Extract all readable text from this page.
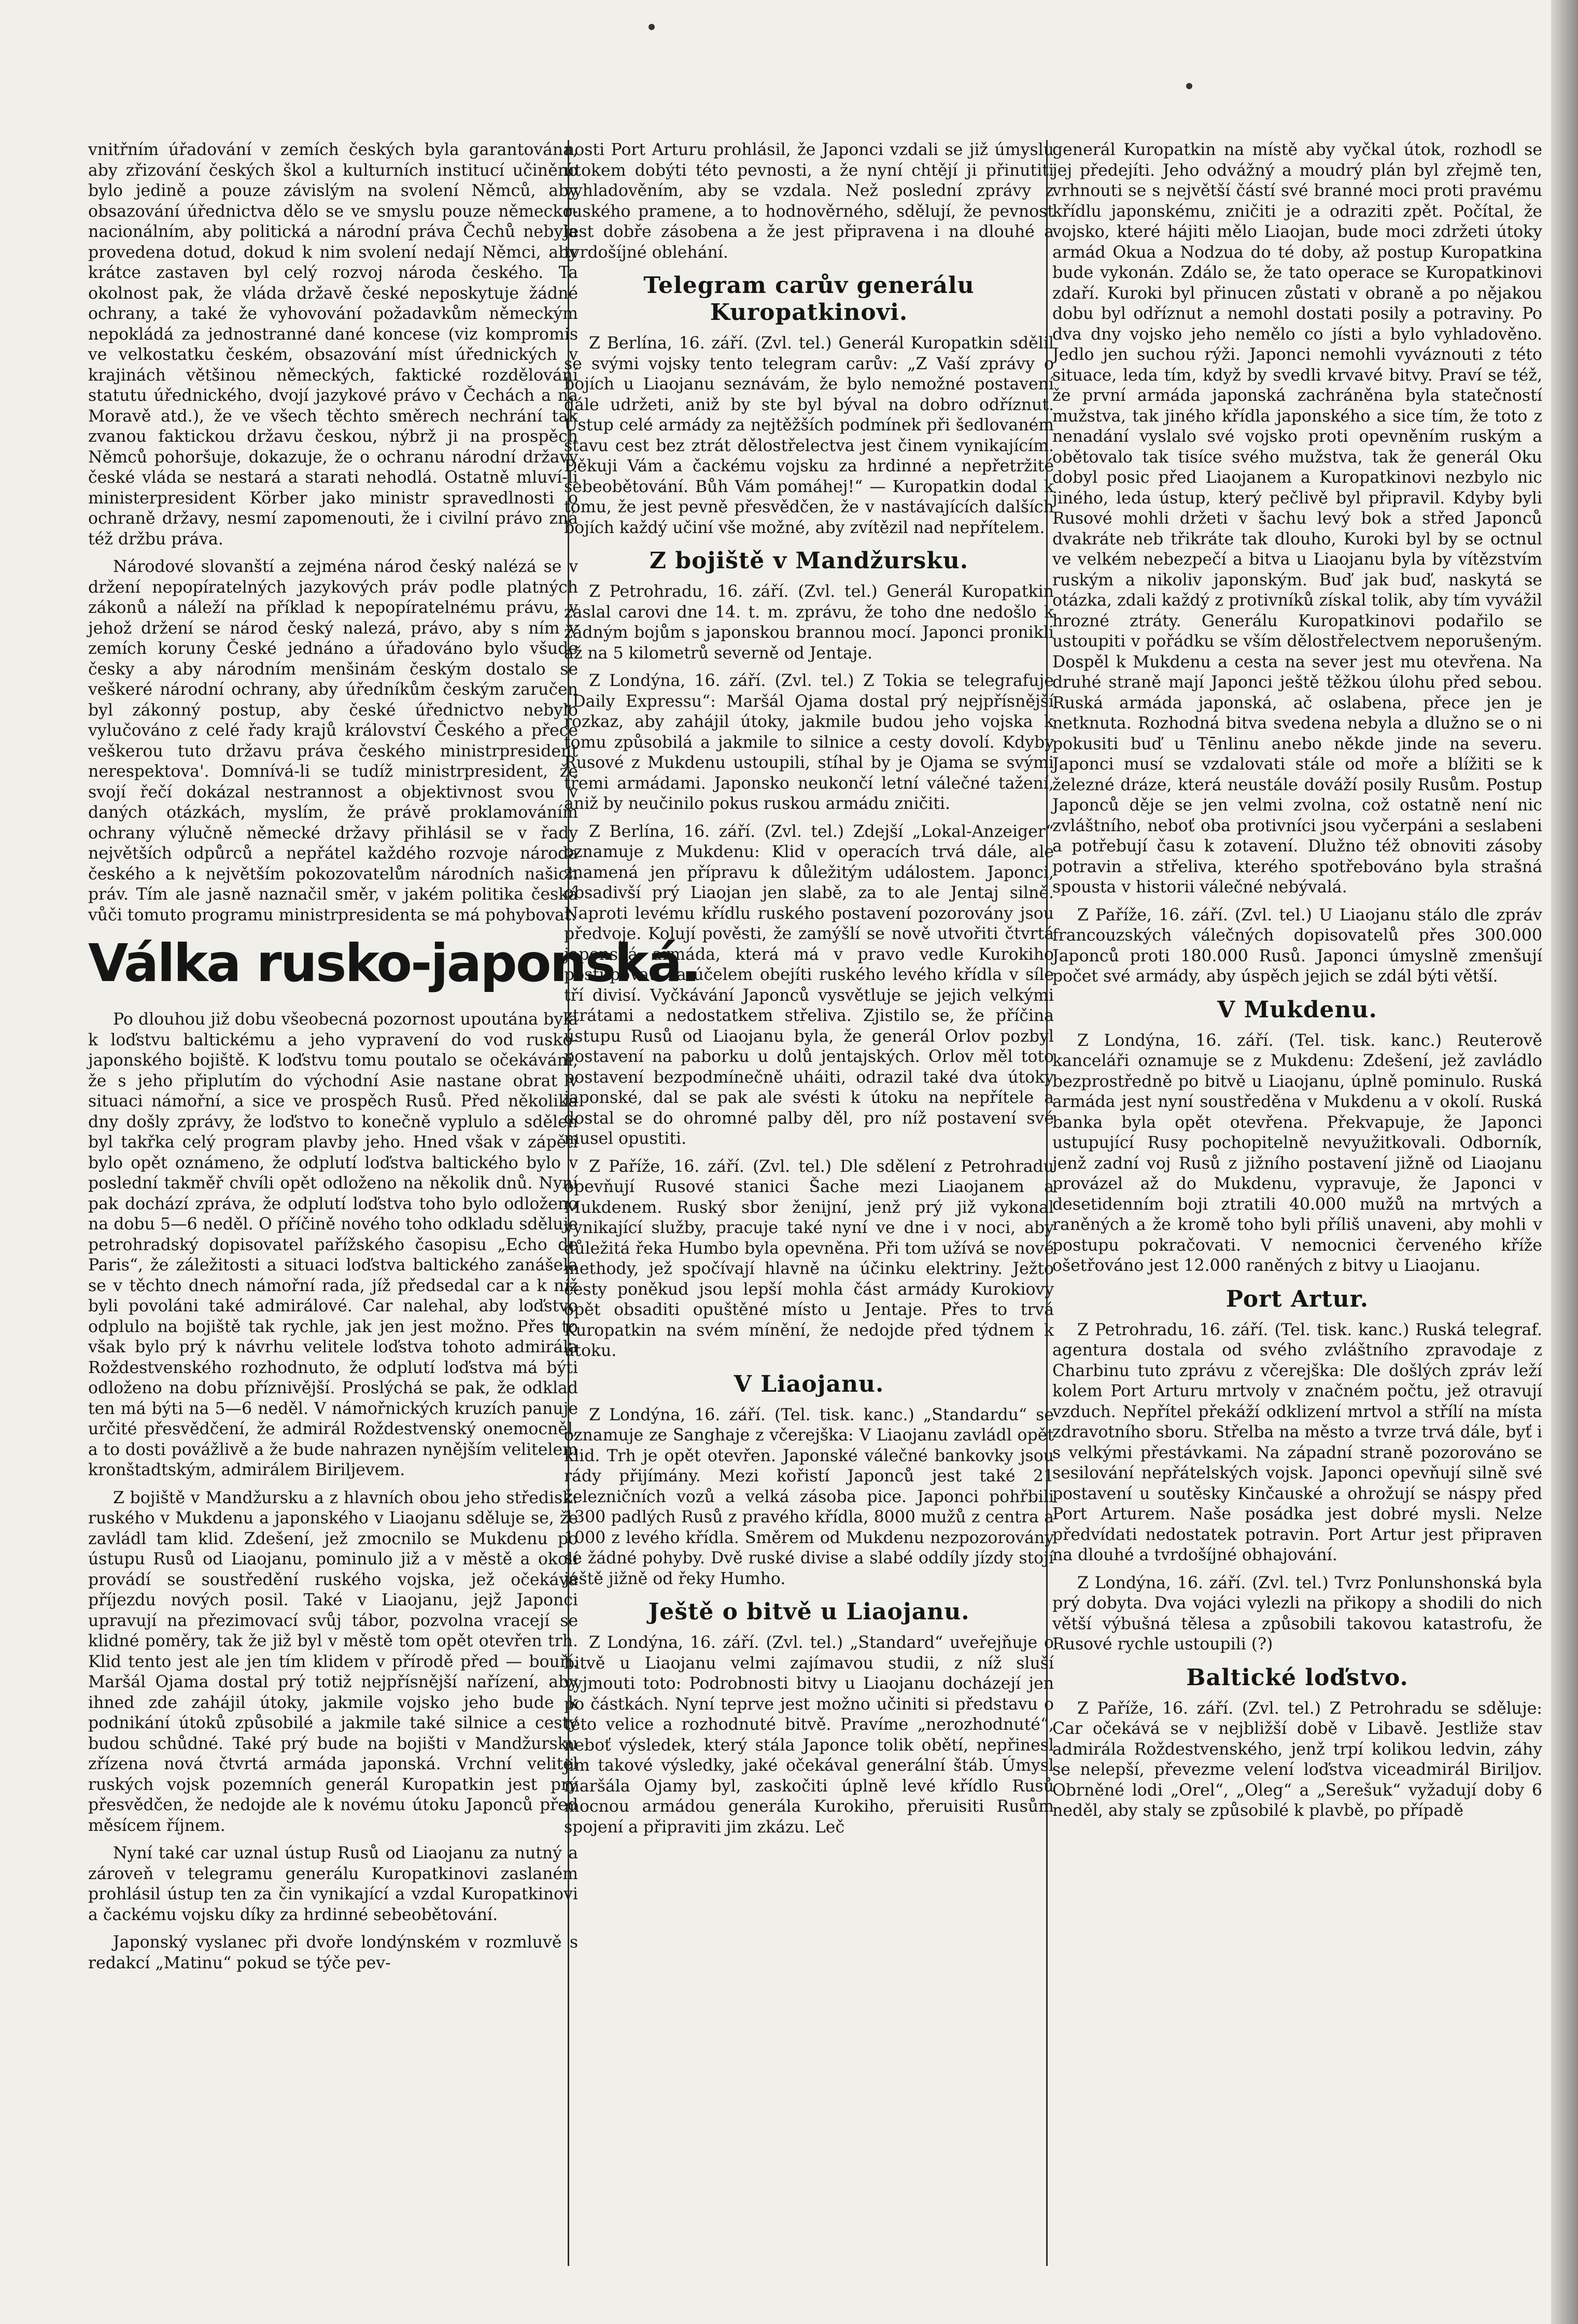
vnitřním úřadování v zemích českých byla garantována, aby zřizování českých škol a kulturních institucí učiněno bylo jedině a pouze závislým na svolení Němců, aby obsazování úřednictva dělo se ve smyslu pouze německo-nacionálním, aby politická a národní práva Čechů nebyla provedena dotud, dokud k nim svolení nedají Němci, aby krátce zastaven byl celý rozvoj národa českého. Ta okolnost pak, že vláda državě české neposkytuje žádné ochrany, a také že vyhovování požadavkům německým nepokládá za jednostranné dané koncese (viz kompromis ve velkostatku českém, obsazování míst úřednických v krajinách většinou německých, faktické rozdělování statutu úřednického, dvojí jazykové právo v Čechách a na Moravě atd.), že ve všech těchto směrech nechrání tak zvanou faktickou državu českou, nýbrž ji na prospěch Němců pohoršuje, dokazuje, že o ochranu národní državy české vláda se nestará a starati nehodlá. Ostatně mluví-li ministerpresident Körber jako ministr spravedlnosti o ochraně državy, nesmí zapomenouti, že i civilní právo zná též držbu práva.

Národové slovanští a zejména národ český nalézá se v držení nepopíratelných jazykových práv podle platných zákonů a náleží na příklad k nepopíratelnému právu, v jehož držení se národ český nalezá, právo, aby s ním v zemích koruny České jednáno a úřadováno bylo všude česky a aby národním menšinám českým dostalo se veškeré národní ochrany, aby úředníkům českým zaručen byl zákonný postup, aby české úřednictvo nebylo vylučováno z celé řady krajů království Českého a přece veškerou tuto državu práva českého ministrpresident nerespektova'. Domnívá-li se tudíž ministrpresident, že svojí řečí dokázal nestrannost a objektivnost svou v daných otázkách, myslím, že právě proklamováním ochrany výlučně německé državy přihlásil se v řady největších odpůrců a nepřátel každého rozvoje národa českého a k největším pokozovatelům národních našich práv. Tím ale jasně naznačil směr, v jakém politika česká vůči tomuto programu ministrpresidenta se má pohybovat.

Válka rusko-japonská.

Po dlouhou již dobu všeobecná pozornost upoutána byla k loďstvu baltickému a jeho vypravení do vod rusko-japonského bojiště. K loďstvu tomu poutalo se očekávání, že s jeho připlutím do východní Asie nastane obrat v situaci námořní, a sice ve prospěch Rusů. Před několika dny došly zprávy, že loďstvo to konečně vyplulo a sdělen byl takřka celý program plavby jeho. Hned však v zápětí bylo opět oznámeno, že odplutí loďstva baltického bylo v poslední takměř chvíli opět odloženo na několik dnů. Nyní pak dochází zpráva, že odplutí loďstva toho bylo odloženo na dobu 5—6 neděl. O příčině nového toho odkladu sděluje petrohradský dopisovatel pařížského časopisu „Echo de Paris“, že záležitosti a situaci loďstva baltického zanášela se v těchto dnech námořní rada, jíž předsedal car a k níž byli povoláni také admirálové. Car nalehal, aby loďstvo odplulo na bojiště tak rychle, jak jen jest možno. Přes to však bylo prý k návrhu velitele loďstva tohoto admirála Roždestvenského rozhodnuto, že odplutí loďstva má býti odloženo na dobu příznivější. Proslýchá se pak, že odklad ten má býti na 5—6 neděl. V námořnických kruzích panuje určité přesvědčení, že admirál Roždestvenský onemocněl, a to dosti povážlivě a že bude nahrazen nynějším velitelem kronštadtským, admirálem Biriljevem.

Z bojiště v Mandžursku a z hlavních obou jeho středisk: ruského v Mukdenu a japonského v Liaojanu sděluje se, že zavládl tam klid. Zdešení, jež zmocnilo se Mukdenu po ústupu Rusů od Liaojanu, pominulo již a v městě a okolí provádí se soustředění ruského vojska, jež očekává příjezdu nových posil. Také v Liaojanu, jejž Japonci upravují na přezimovací svůj tábor, pozvolna vracejí se klidné poměry, tak že již byl v městě tom opět otevřen trh. Klid tento jest ale jen tím klidem v přírodě před — bouří. Maršál Ojama dostal prý totiž nejpřísnější nařízení, aby ihned zde zahájil útoky, jakmile vojsko jeho bude k podnikání útoků způsobilé a jakmile také silnice a cesty budou schůdné. Také prý bude na bojišti v Mandžursku zřízena nová čtvrtá armáda japonská. Vrchní velitel ruských vojsk pozemních generál Kuropatkin jest prý přesvědčen, že nedojde ale k novému útoku Japonců před měsícem říjnem.

Nyní také car uznal ústup Rusů od Liaojanu za nutný a zároveň v telegramu generálu Kuropatkinovi zaslaném prohlásil ústup ten za čin vynikající a vzdal Kuropatkinovi a čackému vojsku díky za hrdinné sebeobětování.

Japonský vyslanec při dvoře londýnském v rozmluvě s redakcí „Matinu“ pokud se týče pev-

nosti Port Arturu prohlásil, že Japonci vzdali se již úmyslu útokem dobýti této pevnosti, a že nyní chtějí ji přinutiti vyhladověním, aby se vzdala. Než poslední zprávy z ruského pramene, a to hodnověrného, sdělují, že pevnost jest dobře zásobena a že jest připravena i na dlouhé a tvrdošíjné oblehání.

Telegram carův generálu Kuropatkinovi.

Z Berlína, 16. září. (Zvl. tel.) Generál Kuropatkin sdělil se svými vojsky tento telegram carův: „Z Vaší zprávy o bojích u Liaojanu seznávám, že bylo nemožné postavení dále udržeti, aniž by ste byl býval na dobro odříznut. Ústup celé armády za nejtěžších podmínek při šedlovaném stavu cest bez ztrát dělostřelectva jest činem vynikajícím. Děkuji Vám a čackému vojsku za hrdinné a nepřetržité sebeobětování. Bůh Vám pomáhej!“ — Kuropatkin dodal k tomu, že jest pevně přesvědčen, že v nastávajících dalších bojích každý učiní vše možné, aby zvítězil nad nepřítelem.

Z bojiště v Mandžursku.

Z Petrohradu, 16. září. (Zvl. tel.) Generál Kuropatkin zaslal carovi dne 14. t. m. zprávu, že toho dne nedošlo k žádným bojům s japonskou brannou mocí. Japonci pronikli až na 5 kilometrů severně od Jentaje.

Z Londýna, 16. září. (Zvl. tel.) Z Tokia se telegrafuje „Daily Expressu“: Maršál Ojama dostal prý nejpřísnější rozkaz, aby zahájil útoky, jakmile budou jeho vojska k tomu způsobilá a jakmile to silnice a cesty dovolí. Kdyby Rusové z Mukdenu ustoupili, stíhal by je Ojama se svými třemi armádami. Japonsko neukončí letní válečné tažení, aniž by neučinilo pokus ruskou armádu zničiti.

Z Berlína, 16. září. (Zvl. tel.) Zdejší „Lokal-Anzeiger“ oznamuje z Mukdenu: Klid v operacích trvá dále, ale znamená jen přípravu k důležitým událostem. Japonci, obsadivší prý Liaojan jen slabě, za to ale Jentaj silně. Naproti levému křídlu ruského postavení pozorovány jsou předvoje. Kolují pověsti, že zamýšlí se nově utvořiti čtvrtá japonská armáda, která má v pravo vedle Kurokiho postupovati za účelem obejíti ruského levého křídla v síle tří divisí. Vyčkávání Japonců vysvětluje se jejich velkými ztrátami a nedostatkem střeliva. Zjistilo se, že příčina ústupu Rusů od Liaojanu byla, že generál Orlov pozbyl postavení na paborku u dolů jentajských. Orlov měl toto postavení bezpodmínečně uháiti, odrazil také dva útoky japonské, dal se pak ale svésti k útoku na nepřítele a dostal se do ohromné palby děl, pro níž postavení své musel opustiti.

Z Paříže, 16. září. (Zvl. tel.) Dle sdělení z Petrohradu opevňují Rusové stanici Šache mezi Liaojanem a Mukdenem. Ruský sbor ženijní, jenž prý již vykonal vynikající služby, pracuje také nyní ve dne i v noci, aby důležitá řeka Humbo byla opevněna. Při tom užívá se nové methody, jež spočívají hlavně na účinku elektriny. Ježto cesty poněkud jsou lepší mohla část armády Kurokiovy opět obsaditi opuštěné místo u Jentaje. Přes to trvá Kuropatkin na svém mínění, že nedojde před týdnem k útoku.

V Liaojanu.

Z Londýna, 16. září. (Tel. tisk. kanc.) „Standardu“ se oznamuje ze Sanghaje z včerejška: V Liaojanu zavládl opět klid. Trh je opět otevřen. Japonské válečné bankovky jsou rády přijímány. Mezi kořistí Japonců jest také 21 železničních vozů a velká zásoba pice. Japonci pohřbili 1300 padlých Rusů z pravého křídla, 8000 mužů z centra a 1000 z levého křídla. Směrem od Mukdenu nezpozorovány se žádné pohyby. Dvě ruské divise a slabé oddíly jízdy stojí ještě jižně od řeky Humho.

Ještě o bitvě u Liaojanu.

Z Londýna, 16. září. (Zvl. tel.) „Standard“ uveřejňuje o bitvě u Liaojanu velmi zajímavou studii, z níž sluší vyjmouti toto: Podrobnosti bitvy u Liaojanu docházejí jen po částkách. Nyní teprve jest možno učiniti si představu o této velice a rozhodnuté bitvě. Pravíme „nerozhodnuté“, neboť výsledek, který stála Japonce tolik obětí, nepřinesl jim takové výsledky, jaké očekával generální štáb. Úmysl maršála Ojamy byl, zaskočiti úplně levé křídlo Rusů mocnou armádou generála Kurokiho, přeruisiti Rusům spojení a připraviti jim zkázu. Leč

generál Kuropatkin na místě aby vyčkal útok, rozhodl se jej předejíti. Jeho odvážný a moudrý plán byl zřejmě ten, vrhnouti se s největší částí své branné moci proti pravému křídlu japonskému, zničiti je a odraziti zpět. Počítal, že vojsko, které hájiti mělo Liaojan, bude moci zdržeti útoky armád Okua a Nodzua do té doby, až postup Kuropatkina bude vykonán. Zdálo se, že tato operace se Kuropatkinovi zdaří. Kuroki byl přinucen zůstati v obraně a po nějakou dobu byl odříznut a nemohl dostati posily a potraviny. Po dva dny vojsko jeho nemělo co jísti a bylo vyhladověno. Jedlo jen suchou rýži. Japonci nemohli vyváznouti z této situace, leda tím, když by svedli krvavé bitvy. Praví se též, že první armáda japonská zachráněna byla statečností mužstva, tak jiného křídla japonského a sice tím, že toto z nenadání vyslalo své vojsko proti opevněním ruským a obětovalo tak tisíce svého mužstva, tak že generál Oku dobyl posic před Liaojanem a Kuropatkinovi nezbylo nic jiného, leda ústup, který pečlivě byl připravil. Kdyby byli Rusové mohli držeti v šachu levý bok a střed Japonců dvakráte neb třikráte tak dlouho, Kuroki byl by se octnul ve velkém nebezpečí a bitva u Liaojanu byla by vítězstvím ruským a nikoliv japonským. Buď jak buď, naskytá se otázka, zdali každý z protivníků získal tolik, aby tím vyvážil hrozné ztráty. Generálu Kuropatkinovi podařilo se ustoupiti v pořádku se vším dělostřelectvem neporušeným. Dospěl k Mukdenu a cesta na sever jest mu otevřena. Na druhé straně mají Japonci ještě těžkou úlohu před sebou. Ruská armáda japonská, ač oslabena, přece jen je netknuta. Rozhodná bitva svedena nebyla a dlužno se o ni pokusiti buď u Tēnlinu anebo někde jinde na severu. Japonci musí se vzdalovati stále od moře a blížiti se k železné dráze, která neustále dováží posily Rusům. Postup Japonců děje se jen velmi zvolna, což ostatně není nic zvláštního, neboť oba protivníci jsou vyčerpáni a seslabeni a potřebují času k zotavení. Dlužno též obnoviti zásoby potravin a střeliva, kterého spotřebováno byla strašná spousta v historii válečné nebývalá.

Z Paříže, 16. září. (Zvl. tel.) U Liaojanu stálo dle zpráv francouzských válečných dopisovatelů přes 300.000 Japonců proti 180.000 Rusů. Japonci úmyslně zmenšují počet své armády, aby úspěch jejich se zdál býti větší.

V Mukdenu.

Z Londýna, 16. září. (Tel. tisk. kanc.) Reuterově kanceláři oznamuje se z Mukdenu: Zdešení, jež zavládlo bezprostředně po bitvě u Liaojanu, úplně pominulo. Ruská armáda jest nyní soustředěna v Mukdenu a v okolí. Ruská banka byla opět otevřena. Překvapuje, že Japonci ustupující Rusy pochopitelně nevyužitkovali. Odborník, jenž zadní voj Rusů z jižního postavení jižně od Liaojanu provázel až do Mukdenu, vypravuje, že Japonci v desetidenním boji ztratili 40.000 mužů na mrtvých a raněných a že kromě toho byli příliš unaveni, aby mohli v postupu pokračovati. V nemocnici červeného kříže ošetřováno jest 12.000 raněných z bitvy u Liaojanu.

Port Artur.

Z Petrohradu, 16. září. (Tel. tisk. kanc.) Ruská telegraf. agentura dostala od svého zvláštního zpravodaje z Charbinu tuto zprávu z včerejška: Dle došlých zpráv leží kolem Port Arturu mrtvoly v značném počtu, jež otravují vzduch. Nepřítel překáží odklizení mrtvol a střílí na místa zdravotního sboru. Střelba na město a tvrze trvá dále, byť i s velkými přestávkami. Na západní straně pozorováno se sesilování nepřátelských vojsk. Japonci opevňují silně své postavení u soutěsky Kinčauské a ohrožují se náspy před Port Arturem. Naše posádka jest dobré mysli. Nelze předvídati nedostatek potravin. Port Artur jest připraven na dlouhé a tvrdošíjné obhajování.

Z Londýna, 16. září. (Zvl. tel.) Tvrz Ponlunshonská byla prý dobyta. Dva vojáci vylezli na přikopy a shodili do nich větší výbušná tělesa a způsobili takovou katastrofu, že Rusové rychle ustoupili (?)

Baltické loďstvo.

Z Paříže, 16. září. (Zvl. tel.) Z Petrohradu se sděluje: Car očekává se v nejbližší době v Libavě. Jestliže stav admirála Roždestvenského, jenž trpí kolikou ledvin, záhy se nelepší, převezme velení loďstva viceadmirál Biriljov. Obrněné lodi „Orel“, „Oleg“ a „Serešuk“ vyžadují doby 6 neděl, aby staly se způsobilé k plavbě, po případě
